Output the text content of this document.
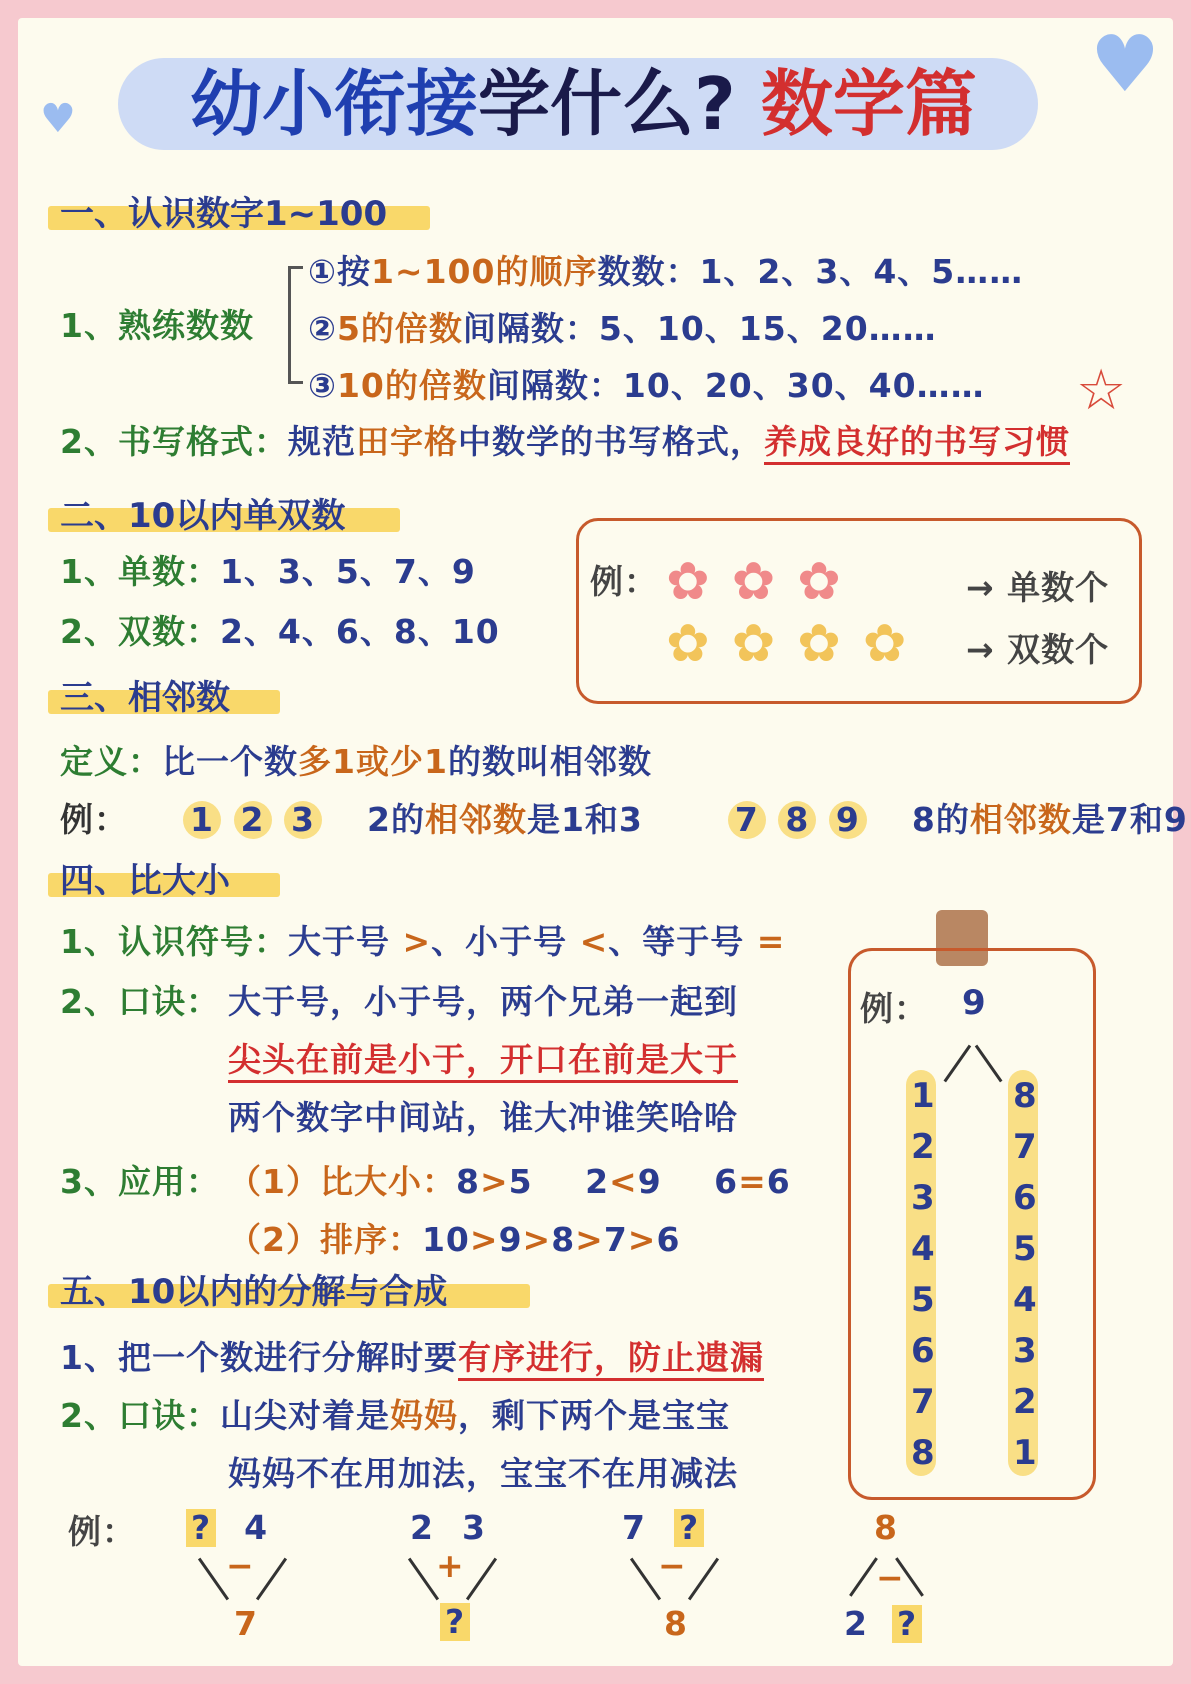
幼小衔接学什么? 数学篇
♥
♥
一、认识数字1~100
1、熟练数数
①按1~100的顺序数数：1、2、3、4、5……
②5的倍数间隔数：5、10、15、20……
③10的倍数间隔数：10、20、30、40…… ☆
2、书写格式：规范田字格中数学的书写格式，养成良好的书写习惯
二、10以内单双数
1、单数：1、3、5、7、9
2、双数：2、4、6、8、10
例： ✿✿✿
✿✿✿✿
→ 单数个
→ 双数个
三、相邻数
定义：比一个数多1或少1的数叫相邻数
例： 1 2 3 2的相邻数是1和3	7 8 9 8的相邻数是7和9
四、比大小
1、认识符号：大于号 >、小于号 <、等于号 =
2、口诀： 大于号，小于号，两个兄弟一起到
尖头在前是小于，开口在前是大于
两个数字中间站，谁大冲谁笑哈哈
3、应用： （1）比大小：8>5 2<9 6=6
（2）排序：10>9>8>7>6
例： 9
1 8
2 7
3 6
4 5
5 4
6 3
7 2
8 1
五、10以内的分解与合成
1、把一个数进行分解时要有序进行，防止遗漏
2、口诀：山尖对着是妈妈，剩下两个是宝宝
妈妈不在用加法，宝宝不在用减法
例： ? 4
−
7
2 3
+
?
7 ?
−
8
8
−
2 ?
